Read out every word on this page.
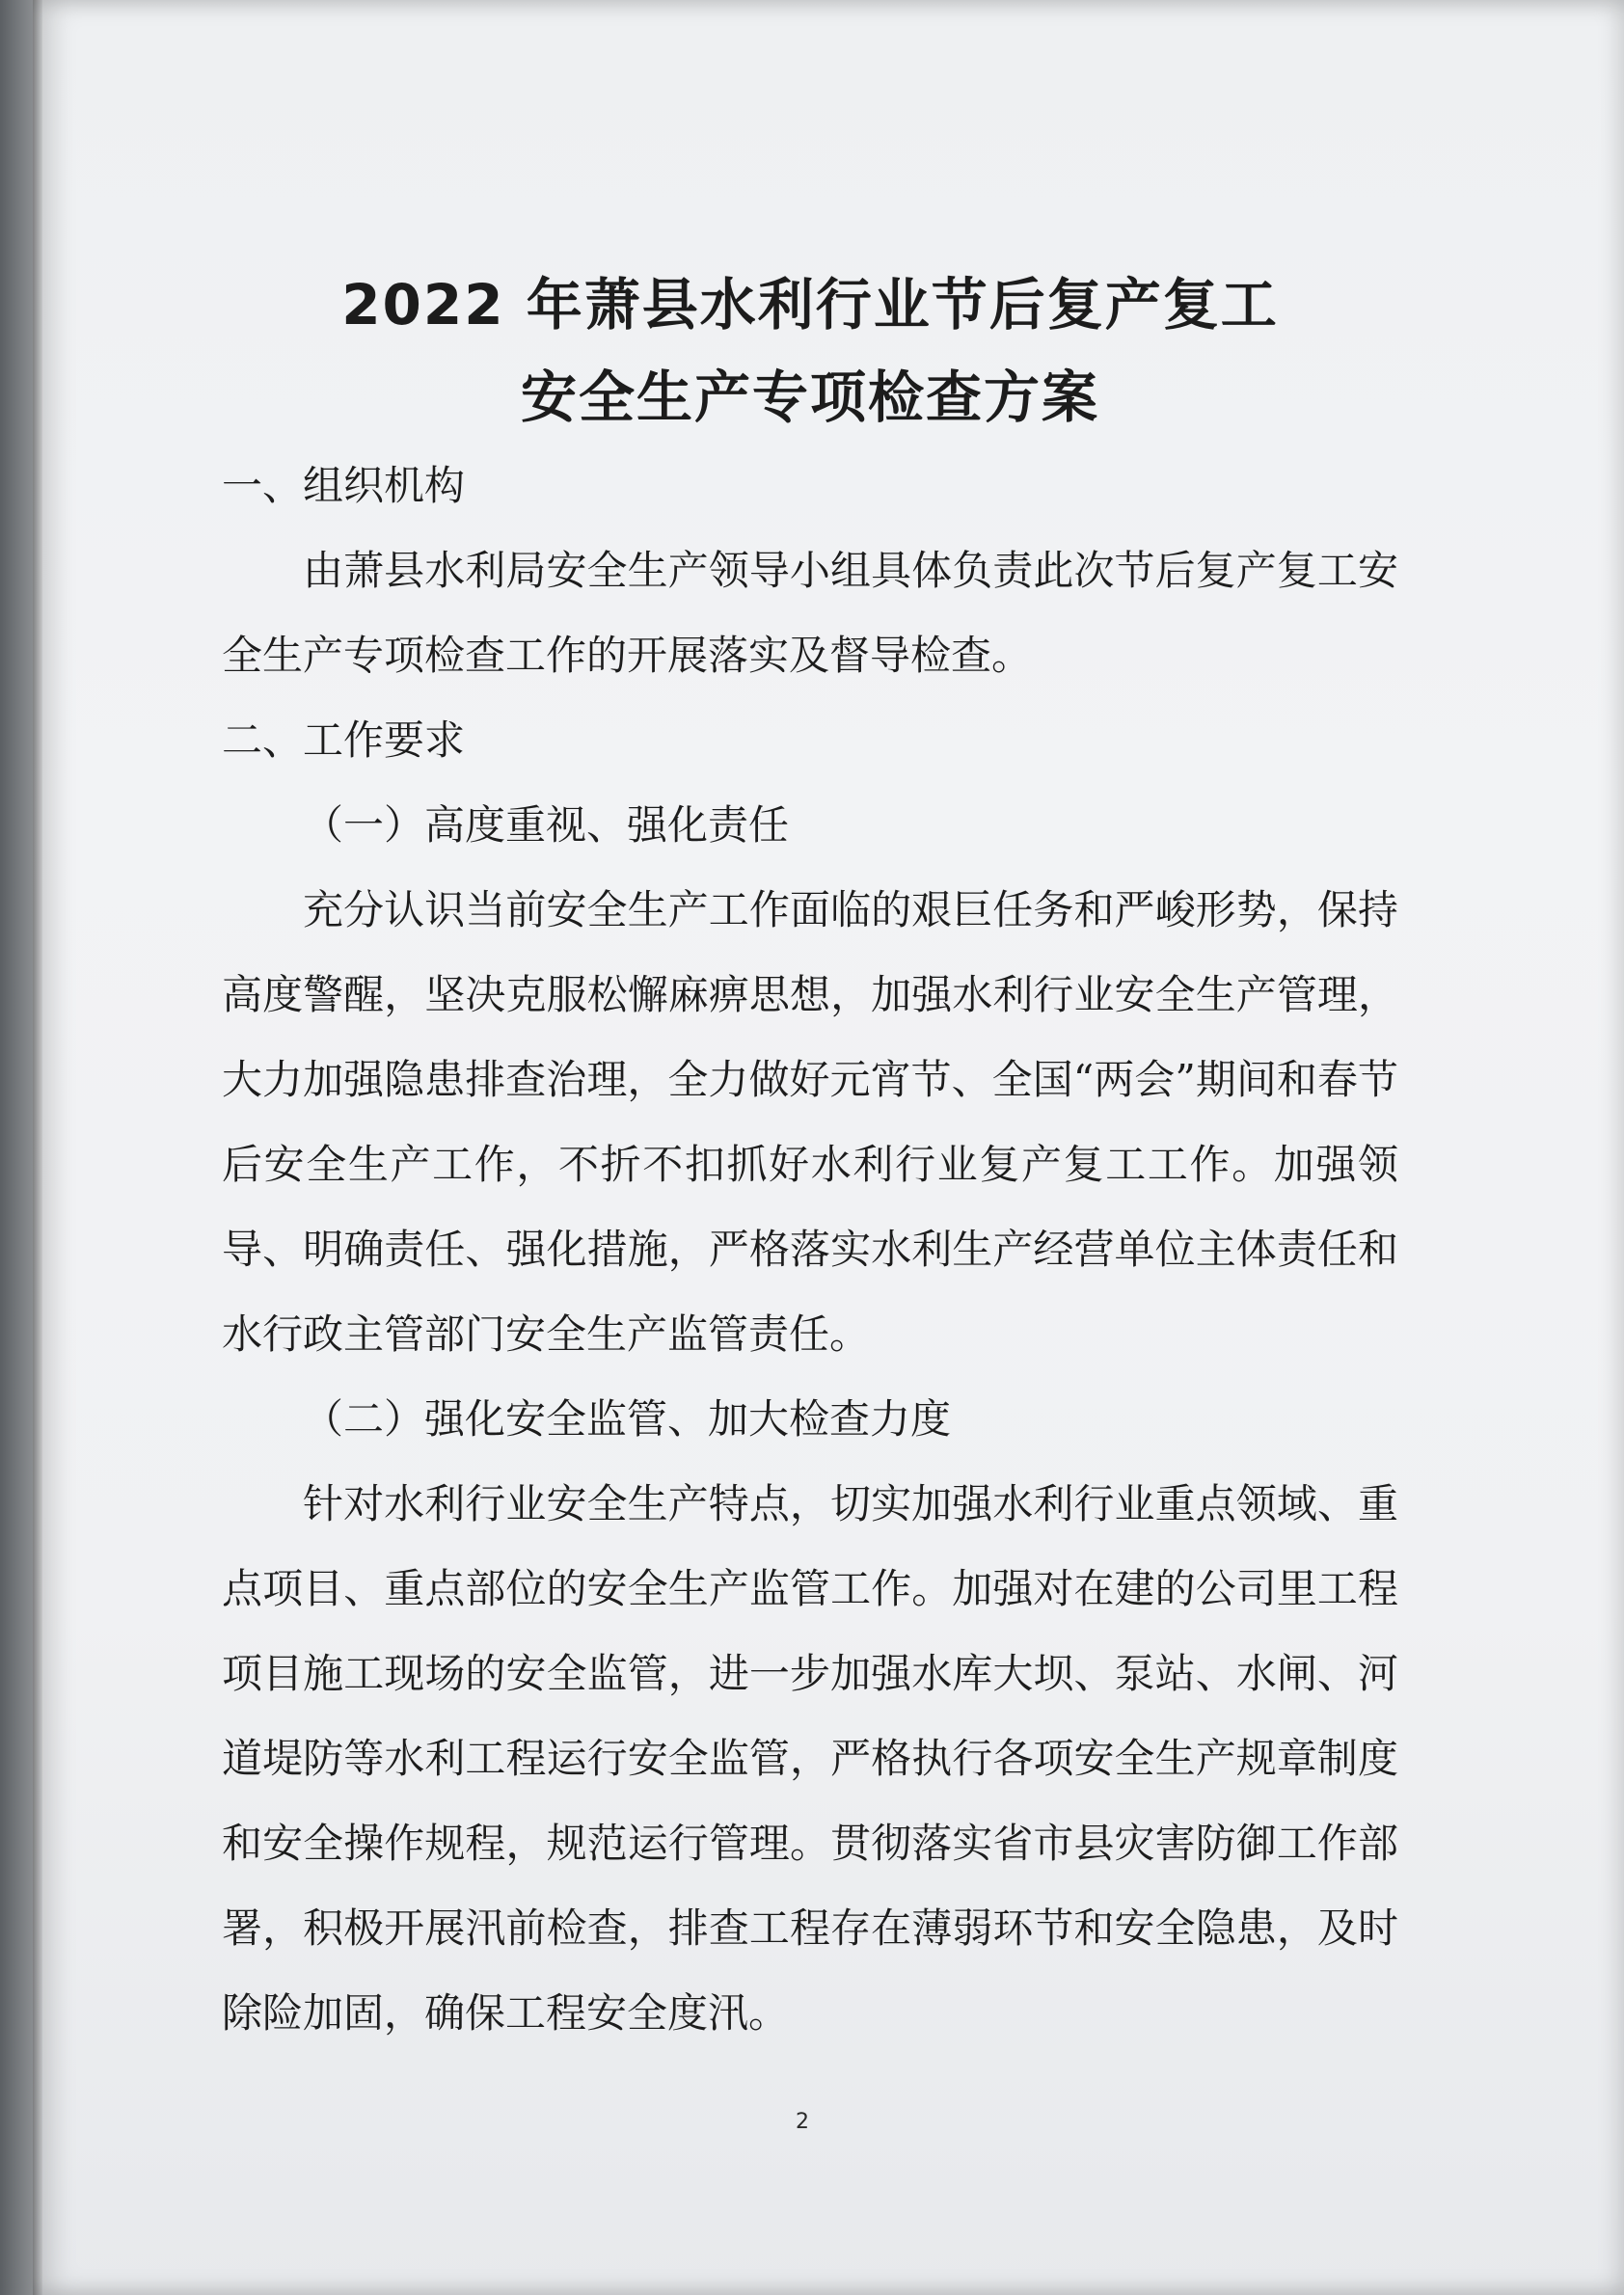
2022 年萧县水利行业节后复产复工
安全生产专项检查方案

一、组织机构

由萧县水利局安全生产领导小组具体负责此次节后复产复工安全生产专项检查工作的开展落实及督导检查。

二、工作要求

（一）高度重视、强化责任

充分认识当前安全生产工作面临的艰巨任务和严峻形势，保持高度警醒，坚决克服松懈麻痹思想，加强水利行业安全生产管理，大力加强隐患排查治理，全力做好元宵节、全国“两会”期间和春节后安全生产工作，不折不扣抓好水利行业复产复工工作。加强领导、明确责任、强化措施，严格落实水利生产经营单位主体责任和水行政主管部门安全生产监管责任。

（二）强化安全监管、加大检查力度

针对水利行业安全生产特点，切实加强水利行业重点领域、重点项目、重点部位的安全生产监管工作。加强对在建的公司里工程项目施工现场的安全监管，进一步加强水库大坝、泵站、水闸、河道堤防等水利工程运行安全监管，严格执行各项安全生产规章制度和安全操作规程，规范运行管理。贯彻落实省市县灾害防御工作部署，积极开展汛前检查，排查工程存在薄弱环节和安全隐患，及时除险加固，确保工程安全度汛。

2
